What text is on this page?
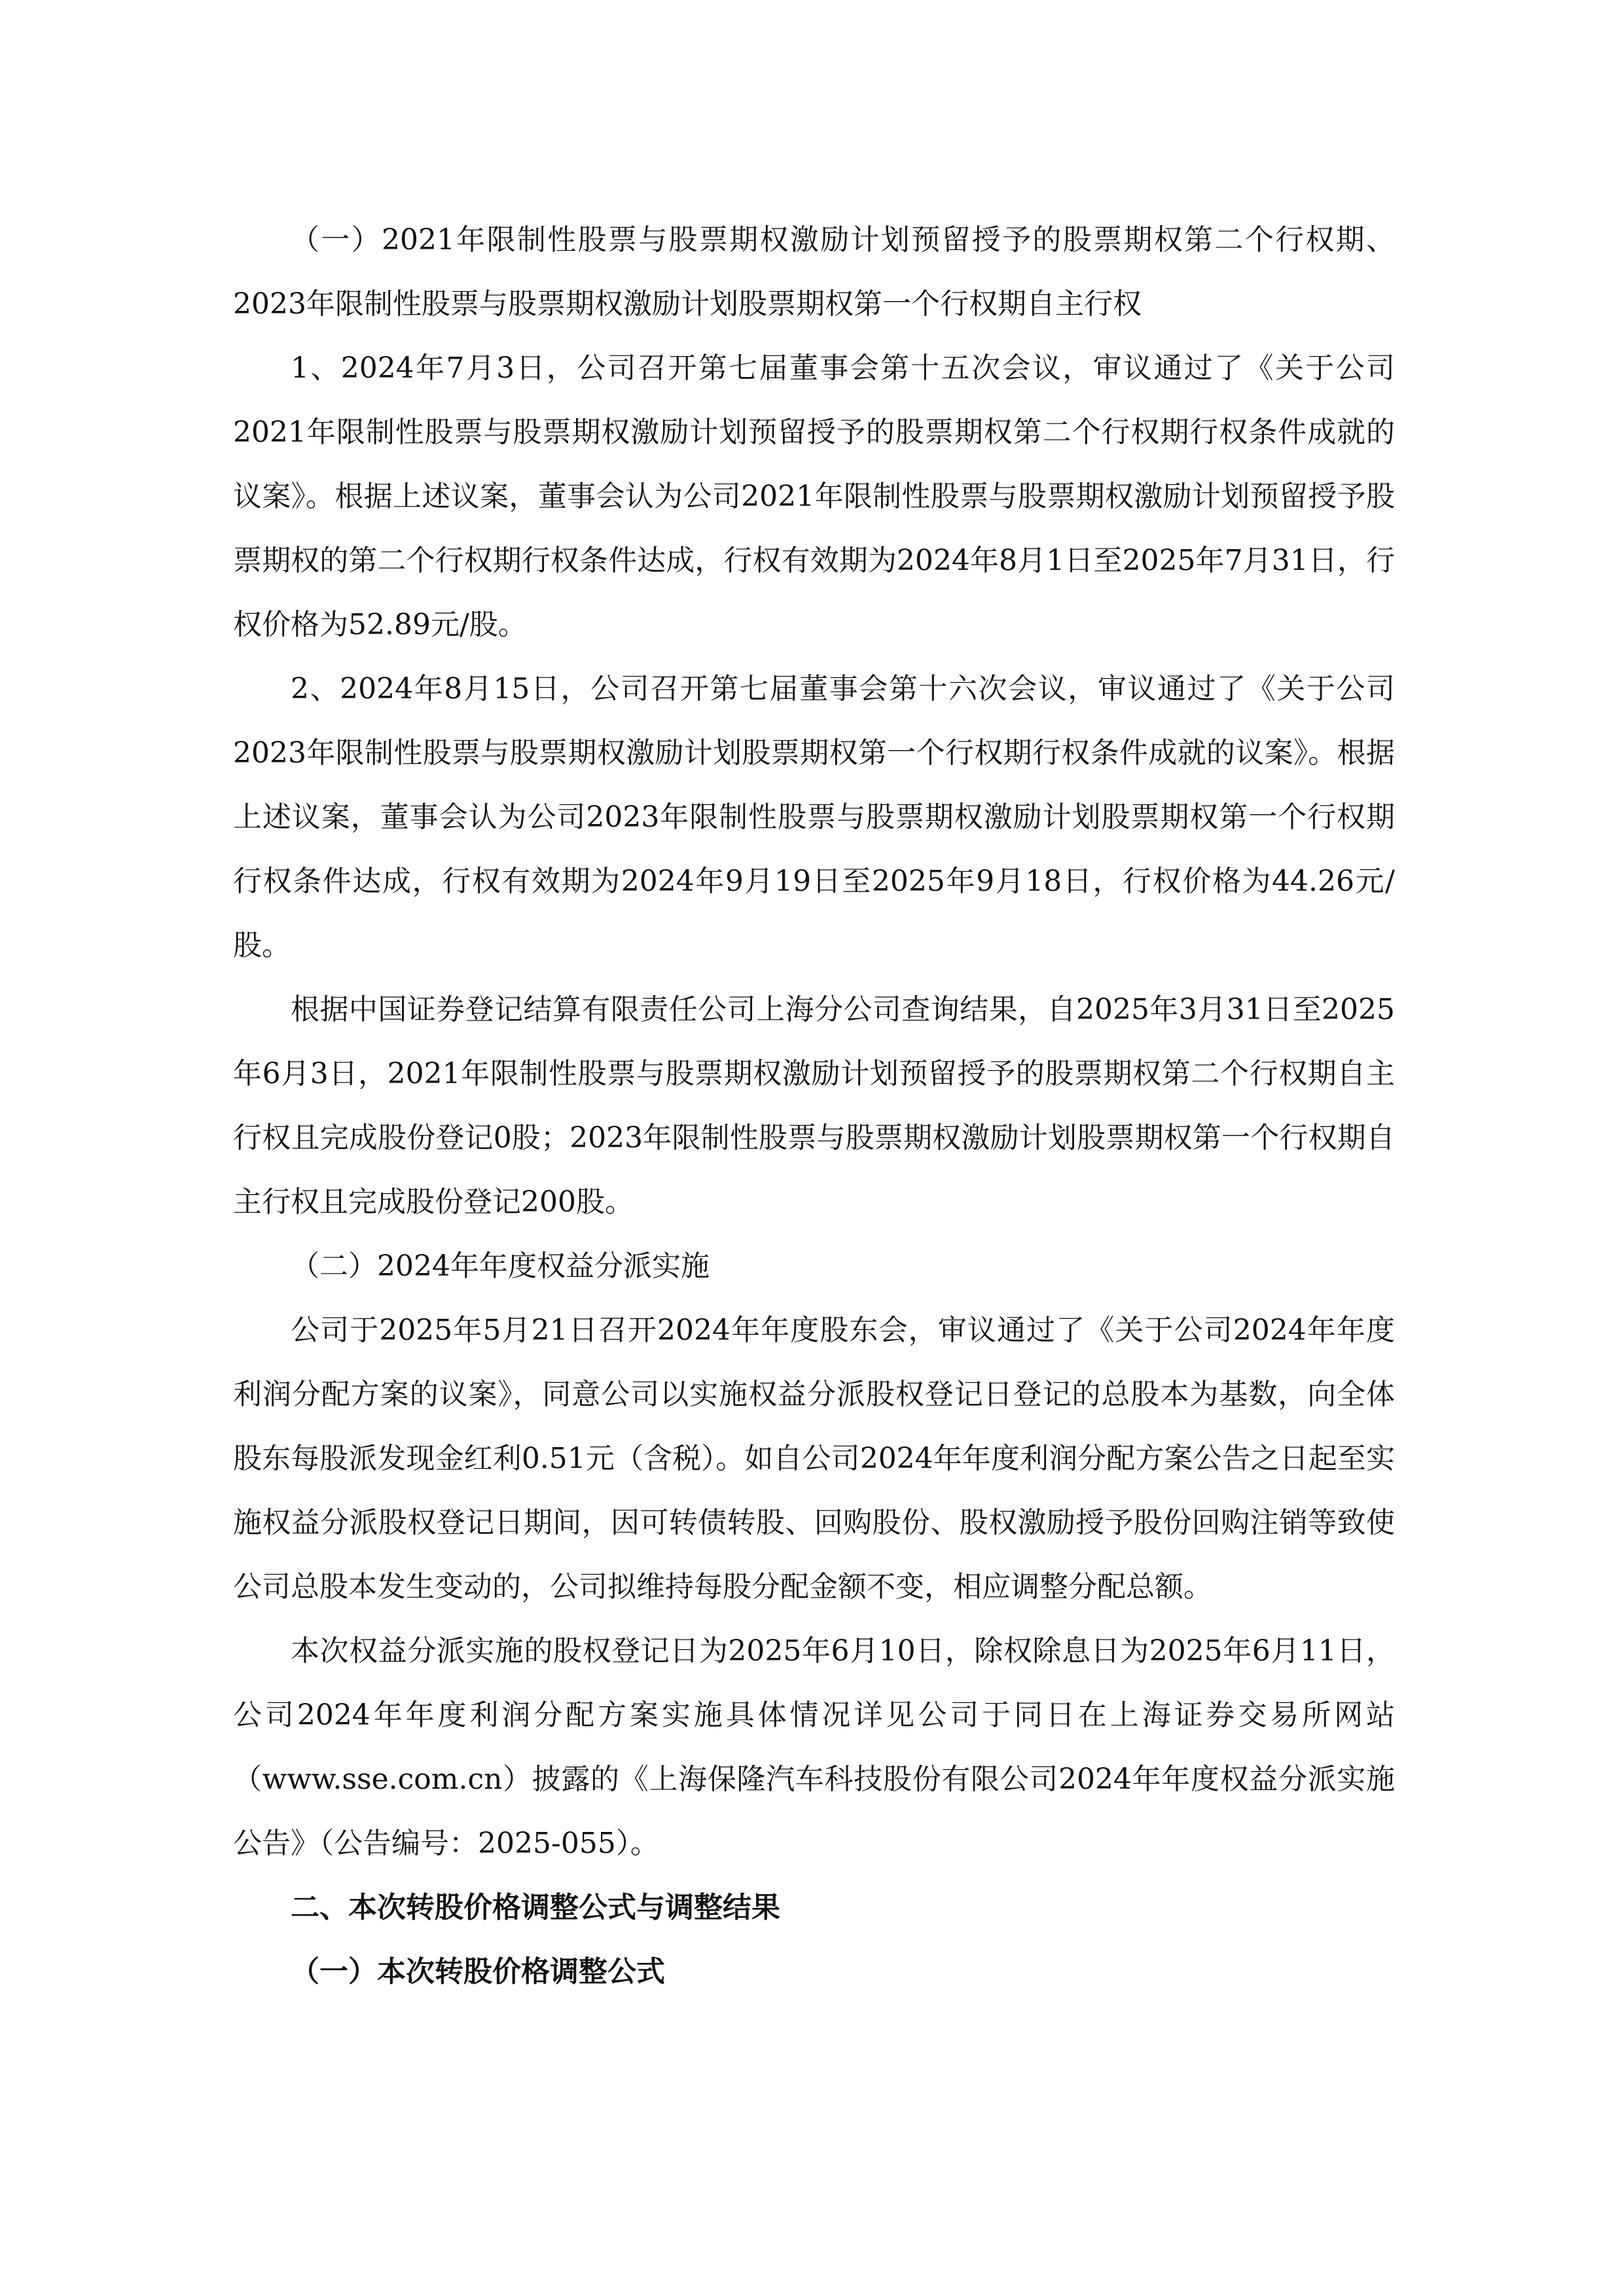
（一）2021年限制性股票与股票期权激励计划预留授予的股票期权第二个行权期、2023年限制性股票与股票期权激励计划股票期权第一个行权期自主行权

1、2024年7月3日，公司召开第七届董事会第十五次会议，审议通过了《关于公司2021年限制性股票与股票期权激励计划预留授予的股票期权第二个行权期行权条件成就的议案》。根据上述议案，董事会认为公司2021年限制性股票与股票期权激励计划预留授予股票期权的第二个行权期行权条件达成，行权有效期为2024年8月1日至2025年7月31日，行权价格为52.89元/股。

2、2024年8月15日，公司召开第七届董事会第十六次会议，审议通过了《关于公司2023年限制性股票与股票期权激励计划股票期权第一个行权期行权条件成就的议案》。根据上述议案，董事会认为公司2023年限制性股票与股票期权激励计划股票期权第一个行权期行权条件达成，行权有效期为2024年9月19日至2025年9月18日，行权价格为44.26元/股。

根据中国证券登记结算有限责任公司上海分公司查询结果，自2025年3月31日至2025年6月3日，2021年限制性股票与股票期权激励计划预留授予的股票期权第二个行权期自主行权且完成股份登记0股；2023年限制性股票与股票期权激励计划股票期权第一个行权期自主行权且完成股份登记200股。

（二）2024年年度权益分派实施

公司于2025年5月21日召开2024年年度股东会，审议通过了《关于公司2024年年度利润分配方案的议案》，同意公司以实施权益分派股权登记日登记的总股本为基数，向全体股东每股派发现金红利0.51元（含税）。如自公司2024年年度利润分配方案公告之日起至实施权益分派股权登记日期间，因可转债转股、回购股份、股权激励授予股份回购注销等致使公司总股本发生变动的，公司拟维持每股分配金额不变，相应调整分配总额。

本次权益分派实施的股权登记日为2025年6月10日，除权除息日为2025年6月11日，公司2024年年度利润分配方案实施具体情况详见公司于同日在上海证券交易所网站（www.sse.com.cn）披露的《上海保隆汽车科技股份有限公司2024年年度权益分派实施公告》（公告编号：2025-055）。

二、本次转股价格调整公式与调整结果

（一）本次转股价格调整公式
